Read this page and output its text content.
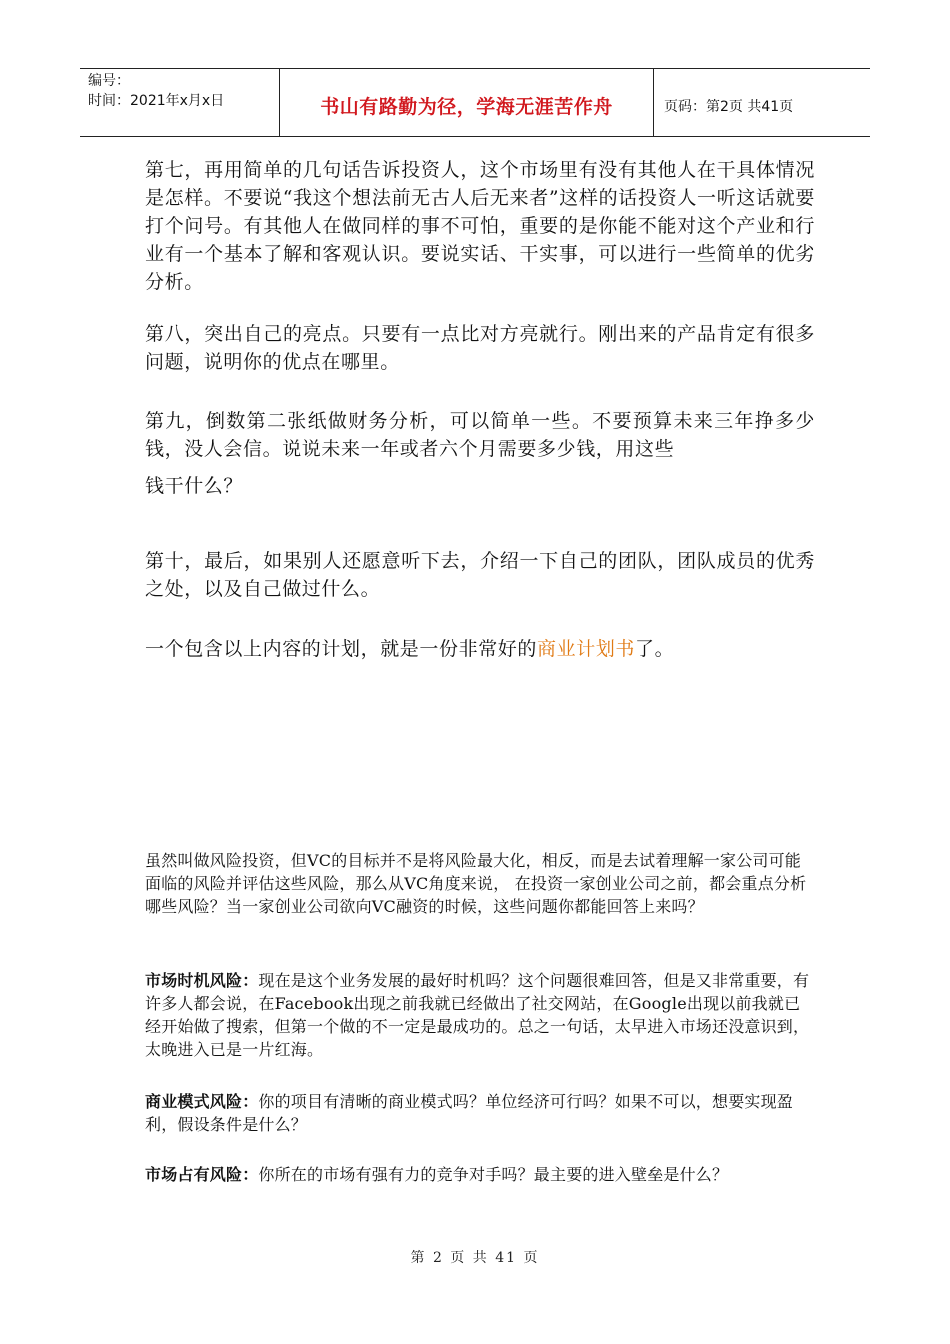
编号：
时间：2021年x月x日	书山有路勤为径，学海无涯苦作舟	页码：第2页 共41页

第七，再用简单的几句话告诉投资人，这个市场里有没有其他人在干具体情况是怎样。不要说“我这个想法前无古人后无来者”这样的话投资人一听这话就要打个问号。有其他人在做同样的事不可怕，重要的是你能不能对这个产业和行业有一个基本了解和客观认识。要说实话、干实事，可以进行一些简单的优劣分析。

第八，突出自己的亮点。只要有一点比对方亮就行。刚出来的产品肯定有很多问题，说明你的优点在哪里。

第九，倒数第二张纸做财务分析，可以简单一些。不要预算未来三年挣多少钱，没人会信。说说未来一年或者六个月需要多少钱，用这些

钱干什么？

第十，最后，如果别人还愿意听下去，介绍一下自己的团队，团队成员的优秀之处，以及自己做过什么。

一个包含以上内容的计划，就是一份非常好的商业计划书了。

虽然叫做风险投资，但VC的目标并不是将风险最大化，相反，而是去试着理解一家公司可能面临的风险并评估这些风险，那么从VC角度来说， 在投资一家创业公司之前，都会重点分析哪些风险？当一家创业公司欲向VC融资的时候，这些问题你都能回答上来吗？

市场时机风险：现在是这个业务发展的最好时机吗？这个问题很难回答，但是又非常重要，有许多人都会说，在Facebook出现之前我就已经做出了社交网站，在Google出现以前我就已经开始做了搜索，但第一个做的不一定是最成功的。总之一句话，太早进入市场还没意识到，太晚进入已是一片红海。

商业模式风险：你的项目有清晰的商业模式吗？单位经济可行吗？如果不可以，想要实现盈利，假设条件是什么？

市场占有风险：你所在的市场有强有力的竞争对手吗？最主要的进入壁垒是什么？

第 2 页 共 41 页
